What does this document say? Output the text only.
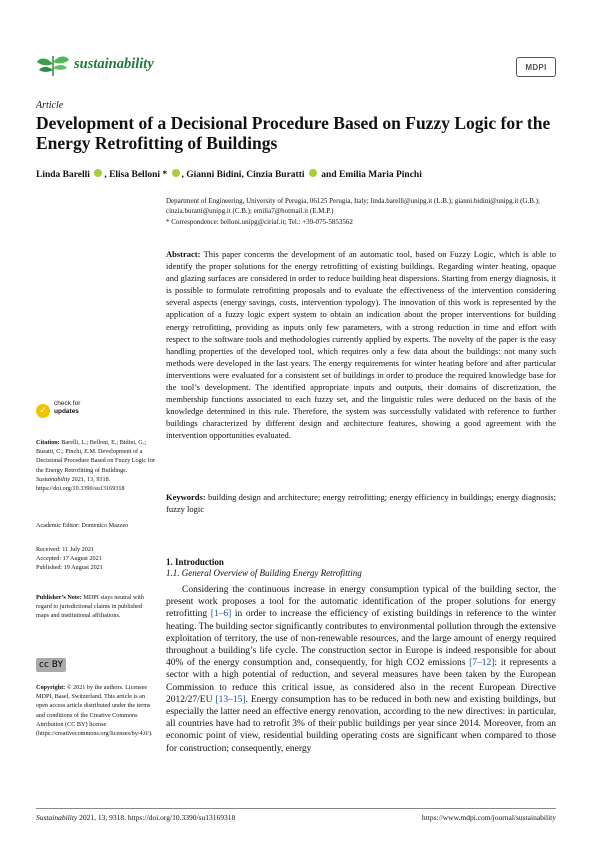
sustainability	MDPI
Article
Development of a Decisional Procedure Based on Fuzzy Logic for the Energy Retrofitting of Buildings
Linda Barelli , Elisa Belloni * , Gianni Bidini, Cinzia Buratti  and Emilia Maria Pinchi
Department of Engineering, University of Perugia, 06125 Perugia, Italy; linda.barelli@unipg.it (L.B.); gianni.bidini@unipg.it (G.B.); cinzia.buratti@unipg.it (C.B.); emilia7@hotmail.it (E.M.P.)
* Correspondence: belloni.unipg@ciriaf.it; Tel.: +39-075-5853562
Abstract: This paper concerns the development of an automatic tool, based on Fuzzy Logic, which is able to identify the proper solutions for the energy retrofitting of existing buildings. Regarding winter heating, opaque and glazing surfaces are considered in order to reduce building heat dispersions. Starting from energy diagnosis, it is possible to formulate retrofitting proposals and to evaluate the effectiveness of the intervention considering several aspects (energy savings, costs, intervention typology). The innovation of this work is represented by the application of a fuzzy logic expert system to obtain an indication about the proper interventions for building energy retrofitting, providing as inputs only few parameters, with a strong reduction in time and effort with respect to the software tools and methodologies currently applied by experts. The novelty of the paper is the easy handling properties of the developed tool, which requires only a few data about the buildings: not many such methods were developed in the last years. The energy requirements for winter heating before and after particular interventions were evaluated for a consistent set of buildings in order to produce the required knowledge base for the tool’s development. The identified appropriate inputs and outputs, their domains of discretization, the membership functions associated to each fuzzy set, and the linguistic rules were deduced on the basis of the knowledge determined in this rule. Therefore, the system was successfully validated with reference to further buildings characterized by different design and architecture features, showing a good agreement with the intervention opportunities evaluated.
Keywords: building design and architecture; energy retrofitting; energy efficiency in buildings; energy diagnosis; fuzzy logic
✓
check for
updates
Citation: Barelli, L.; Belloni, E.; Bidini, G.; Buratti, C.; Pinchi, E.M. Development of a Decisional Procedure Based on Fuzzy Logic for the Energy Retrofitting of Buildings. Sustainability 2021, 13, 9318. https://doi.org/10.3390/su13169318
Academic Editor: Domenico Mazzeo
Received: 11 July 2021
Accepted: 17 August 2021
Published: 19 August 2021
Publisher’s Note: MDPI stays neutral with regard to jurisdictional claims in published maps and institutional affiliations.
cc BY
Copyright: © 2021 by the authors. Licensee MDPI, Basel, Switzerland. This article is an open access article distributed under the terms and conditions of the Creative Commons Attribution (CC BY) license (https://creativecommons.org/licenses/by/4.0/).
1. Introduction
1.1. General Overview of Building Energy Retrofitting
Considering the continuous increase in energy consumption typical of the building sector, the present work proposes a tool for the automatic identification of the proper solutions for energy retrofitting [1–6] in order to increase the efficiency of existing buildings in reference to the winter heating. The building sector significantly contributes to environmental pollution through the extensive exploitation of territory, the use of non-renewable resources, and the large amount of energy required throughout a building’s life cycle. The construction sector in Europe is indeed responsible for about 40% of the energy consumption and, consequently, for high CO2 emissions [7–12]: it represents a sector with a high potential of reduction, and several measures have been taken by the European Commission to reduce this critical issue, as considered also in the recent European Directive 2012/27/EU [13–15]. Energy consumption has to be reduced in both new and existing buildings, but especially the latter need an effective energy renovation, according to the new directives: in particular, all countries have had to retrofit 3% of their public buildings per year since 2014. Moreover, from an economic point of view, residential building operating costs are significant when compared to those for construction; consequently, energy
Sustainability 2021, 13, 9318. https://doi.org/10.3390/su13169318	https://www.mdpi.com/journal/sustainability
